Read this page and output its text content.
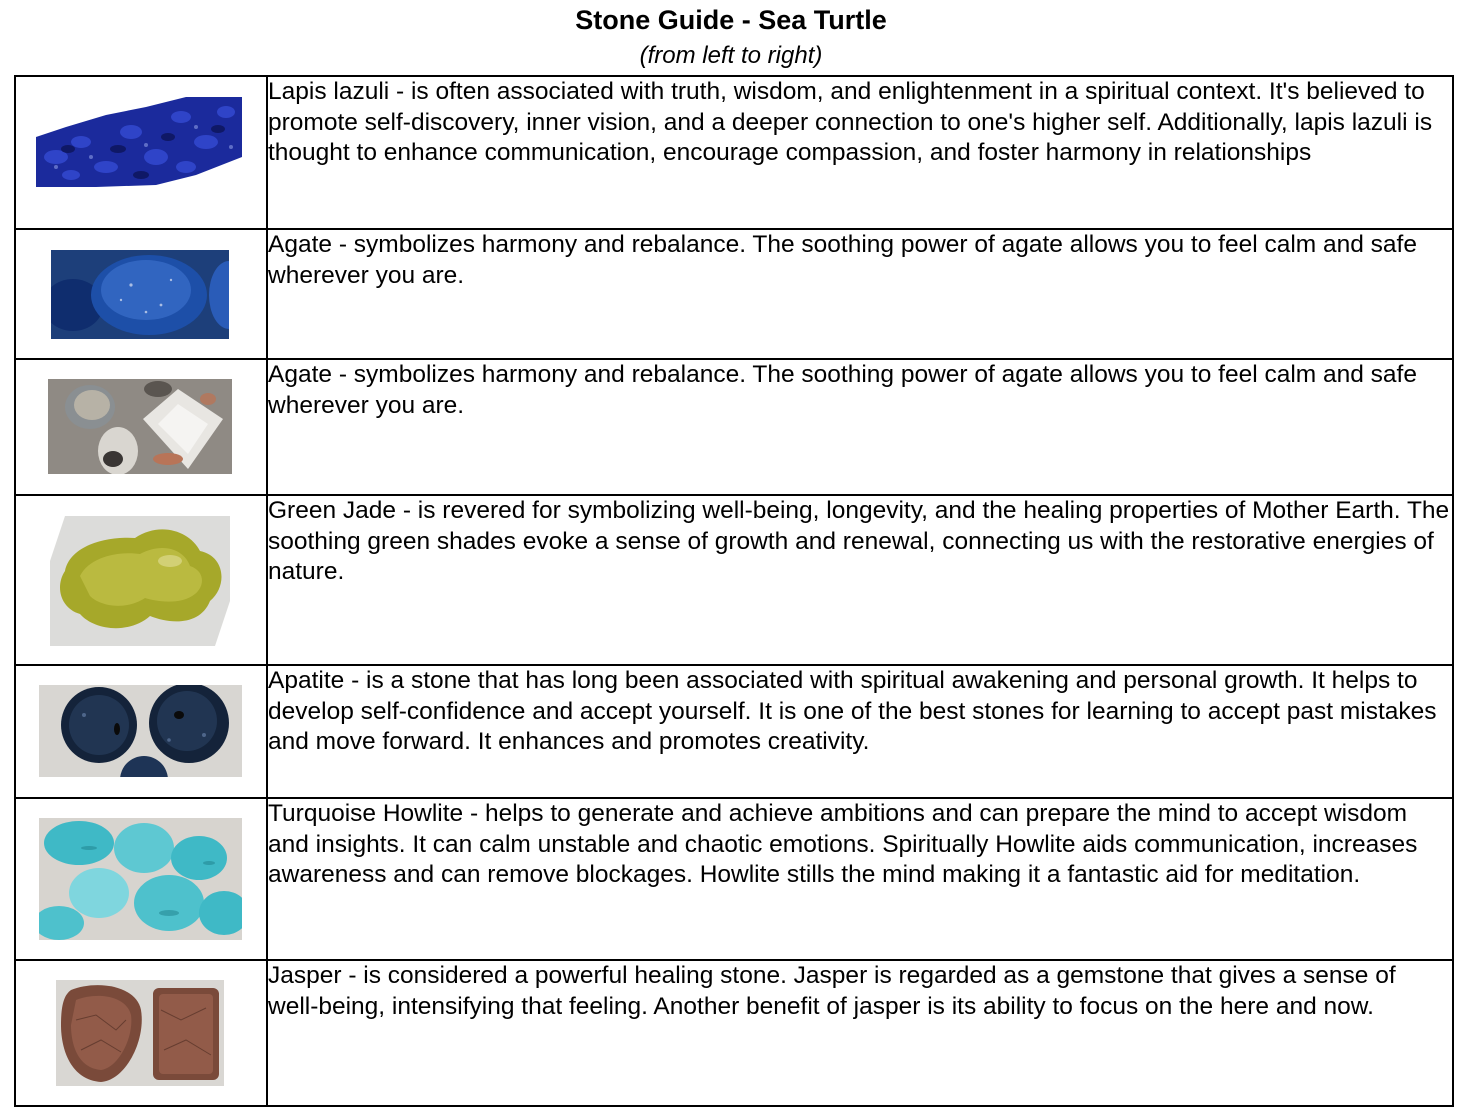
Stone Guide - Sea Turtle

(from left to right)

	Lapis lazuli - is often associated with truth, wisdom, and enlightenment in a spiritual context. It's believed to promote self-discovery, inner vision, and a deeper connection to one's higher self. Additionally, lapis lazuli is thought to enhance communication, encourage compassion, and foster harmony in relationships

	Agate - symbolizes harmony and rebalance. The soothing power of agate allows you to feel calm and safe wherever you are.

	Agate - symbolizes harmony and rebalance. The soothing power of agate allows you to feel calm and safe wherever you are.

	Green Jade - is revered for symbolizing well-being, longevity, and the healing properties of Mother Earth. The soothing green shades evoke a sense of growth and renewal, connecting us with the restorative energies of nature.

	Apatite - is a stone that has long been associated with spiritual awakening and personal growth. It helps to develop self-confidence and accept yourself. It is one of the best stones for learning to accept past mistakes and move forward. It enhances and promotes creativity.

	Turquoise Howlite - helps to generate and achieve ambitions and can prepare the mind to accept wisdom and insights. It can calm unstable and chaotic emotions. Spiritually Howlite aids communication, increases awareness and can remove blockages. Howlite stills the mind making it a fantastic aid for meditation.

	Jasper - is considered a powerful healing stone. Jasper is regarded as a gemstone that gives a sense of well-being, intensifying that feeling. Another benefit of jasper is its ability to focus on the here and now.
